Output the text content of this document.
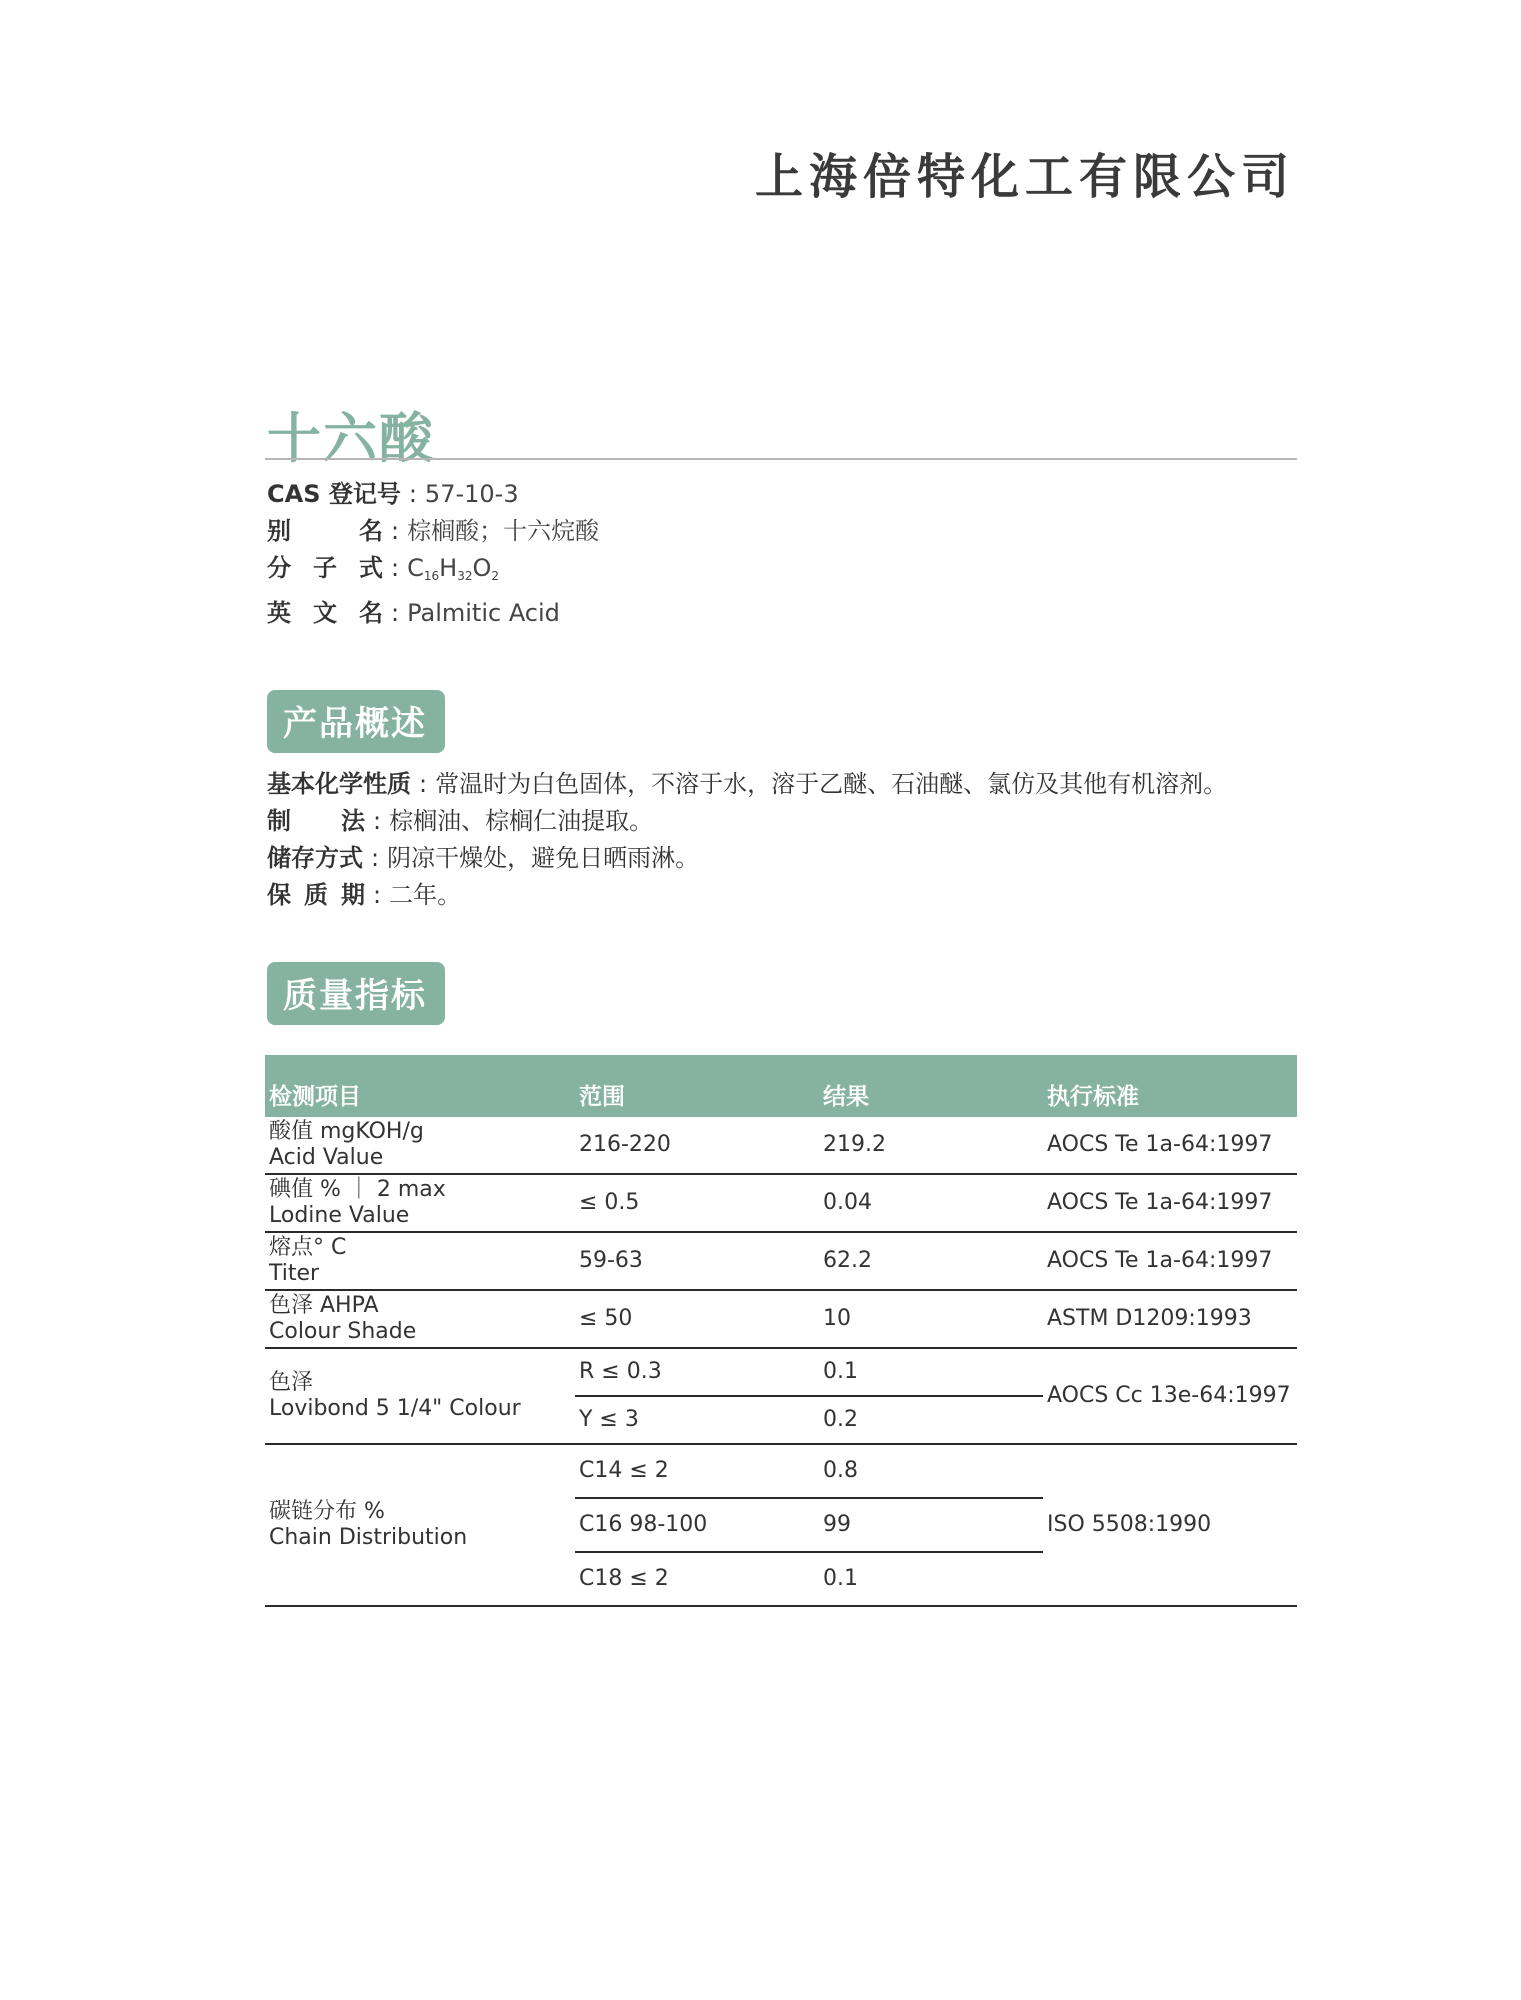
上海倍特化工有限公司
十六酸
CAS 登记号 : 57-10-3
别名 : 棕榈酸；十六烷酸
分子式 : $C_{16}H_{32}O_2$
英文名 : Palmitic Acid
产品概述
基本化学性质 : 常温时为白色固体，不溶于水，溶于乙醚、石油醚、氯仿及其他有机溶剂。
制法 : 棕榈油、棕榈仁油提取。
储存方式 : 阴凉干燥处，避免日晒雨淋。
保质期 : 二年。
质量指标
检测项目	范围	结果	执行标准

酸值 mgKOH/g
Acid Value	216-220	219.2	AOCS Te 1a-64:1997

碘值 % ｜ 2 max
Lodine Value	≤ 0.5	0.04	AOCS Te 1a-64:1997

熔点° C
Titer	59-63	62.2	AOCS Te 1a-64:1997

色泽 AHPA
Colour Shade	≤ 50	10	ASTM D1209:1993

色泽
Lovibond 5 1/4" Colour	R ≤ 0.3	0.1	AOCS Cc 13e-64:1997
	Y ≤ 3	0.2	

碳链分布 %
Chain Distribution	C14 ≤ 2	0.8	ISO 5508:1990
	C16 98-100	99	
	C18 ≤ 2	0.1	
